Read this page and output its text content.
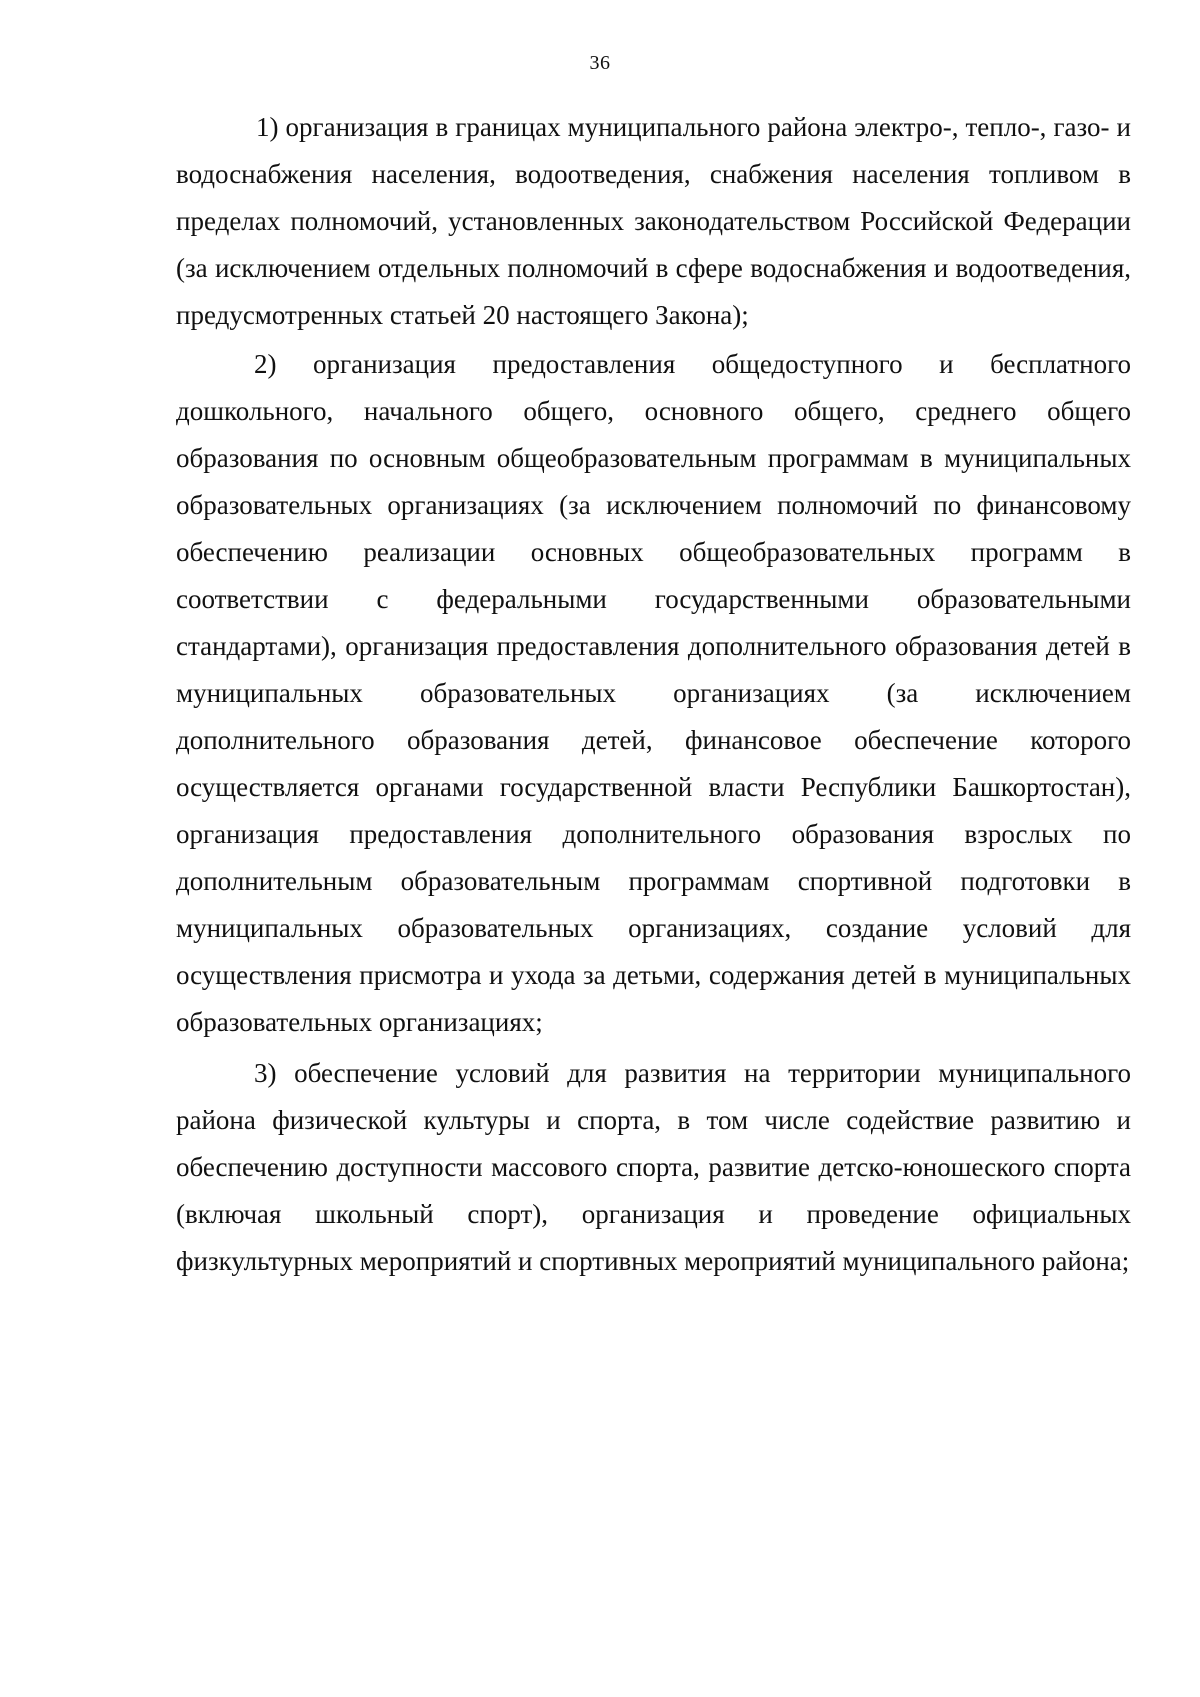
36

1) организация в границах муниципального района электро-, тепло-, газо- и водоснабжения населения, водоотведения, снабжения населения топливом в пределах полномочий, установленных законодательством Российской Федерации (за исключением отдельных полномочий в сфере водоснабжения и водоотведения, предусмотренных статьей 20 настоящего Закона);

2) организация предоставления общедоступного и бесплатного дошкольного, начального общего, основного общего, среднего общего образования по основным общеобразовательным программам в муниципальных образовательных организациях (за исключением полномочий по финансовому обеспечению реализации основных общеобразовательных программ в соответствии с федеральными государственными образовательными стандартами), организация предоставления дополнительного образования детей в муниципальных образовательных организациях (за исключением дополнительного образования детей, финансовое обеспечение которого осуществляется органами государственной власти Республики Башкортостан), организация предоставления дополнительного образования взрослых по дополнительным образовательным программам спортивной подготовки в муниципальных образовательных организациях, создание условий для осуществления присмотра и ухода за детьми, содержания детей в муниципальных образовательных организациях;

3) обеспечение условий для развития на территории муниципального района физической культуры и спорта, в том числе содействие развитию и обеспечению доступности массового спорта, развитие детско-юношеского спорта (включая школьный спорт), организация и проведение официальных физкультурных мероприятий и спортивных мероприятий муниципального района;
